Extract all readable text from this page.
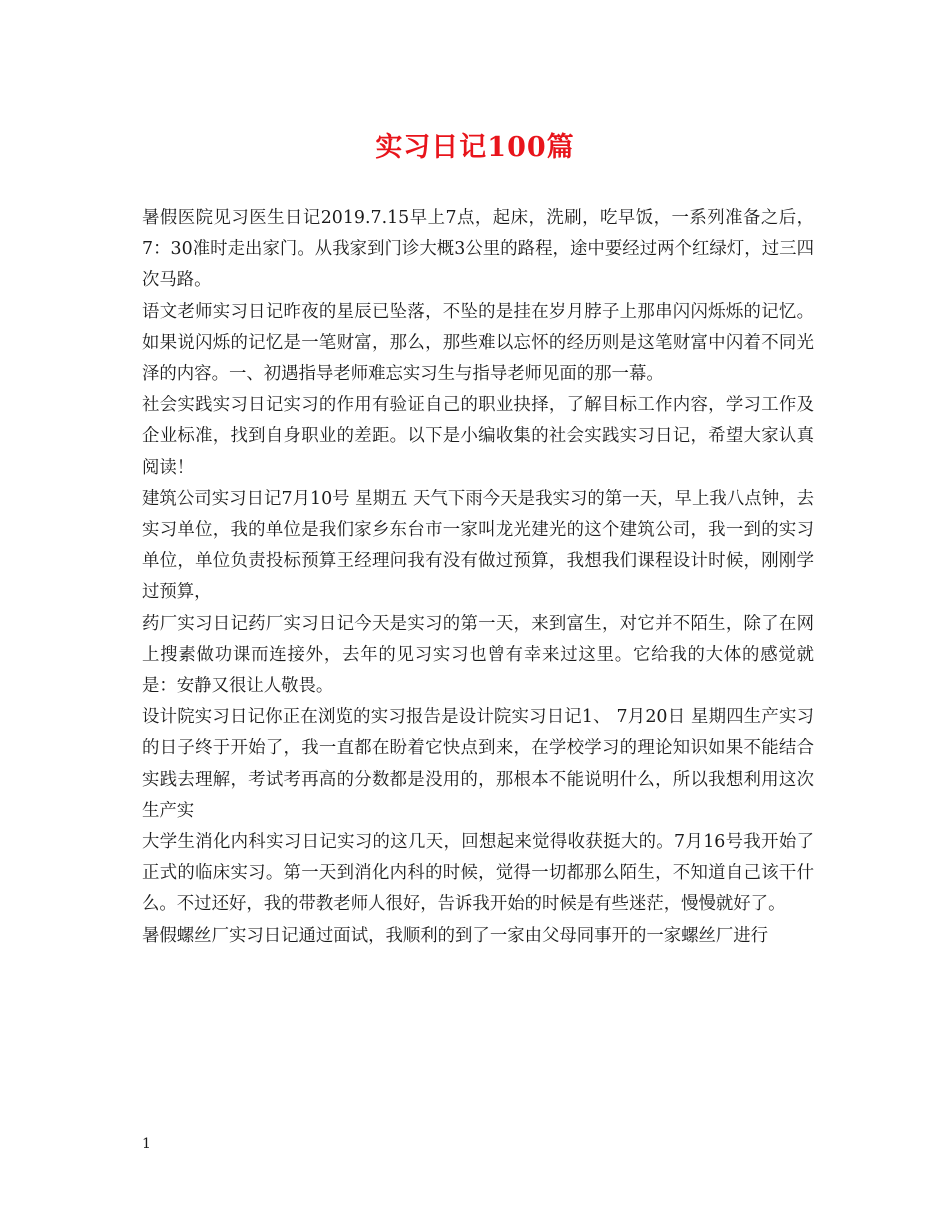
实习日记100篇

暑假医院见习医生日记2019.7.15早上7点，起床，洗刷，吃早饭，一系列准备之后，7：30准时走出家门。从我家到门诊大概3公里的路程，途中要经过两个红绿灯，过三四次马路。

语文老师实习日记昨夜的星辰已坠落，不坠的是挂在岁月脖子上那串闪闪烁烁的记忆。如果说闪烁的记忆是一笔财富，那么，那些难以忘怀的经历则是这笔财富中闪着不同光泽的内容。一、初遇指导老师难忘实习生与指导老师见面的那一幕。

社会实践实习日记实习的作用有验证自己的职业抉择，了解目标工作内容，学习工作及企业标准，找到自身职业的差距。以下是小编收集的社会实践实习日记，希望大家认真阅读！

建筑公司实习日记7月10号 星期五 天气下雨今天是我实习的第一天，早上我八点钟，去实习单位，我的单位是我们家乡东台市一家叫龙光建光的这个建筑公司，我一到的实习单位，单位负责投标预算王经理问我有没有做过预算，我想我们课程设计时候，刚刚学过预算，

药厂实习日记药厂实习日记今天是实习的第一天，来到富生，对它并不陌生，除了在网上搜素做功课而连接外，去年的见习实习也曾有幸来过这里。它给我的大体的感觉就是：安静又很让人敬畏。

设计院实习日记你正在浏览的实习报告是设计院实习日记1、 7月20日 星期四生产实习的日子终于开始了，我一直都在盼着它快点到来，在学校学习的理论知识如果不能结合实践去理解，考试考再高的分数都是没用的，那根本不能说明什么，所以我想利用这次生产实

大学生消化内科实习日记实习的这几天，回想起来觉得收获挺大的。7月16号我开始了正式的临床实习。第一天到消化内科的时候，觉得一切都那么陌生，不知道自己该干什么。不过还好，我的带教老师人很好，告诉我开始的时候是有些迷茫，慢慢就好了。

暑假螺丝厂实习日记通过面试，我顺利的到了一家由父母同事开的一家螺丝厂进行

1
